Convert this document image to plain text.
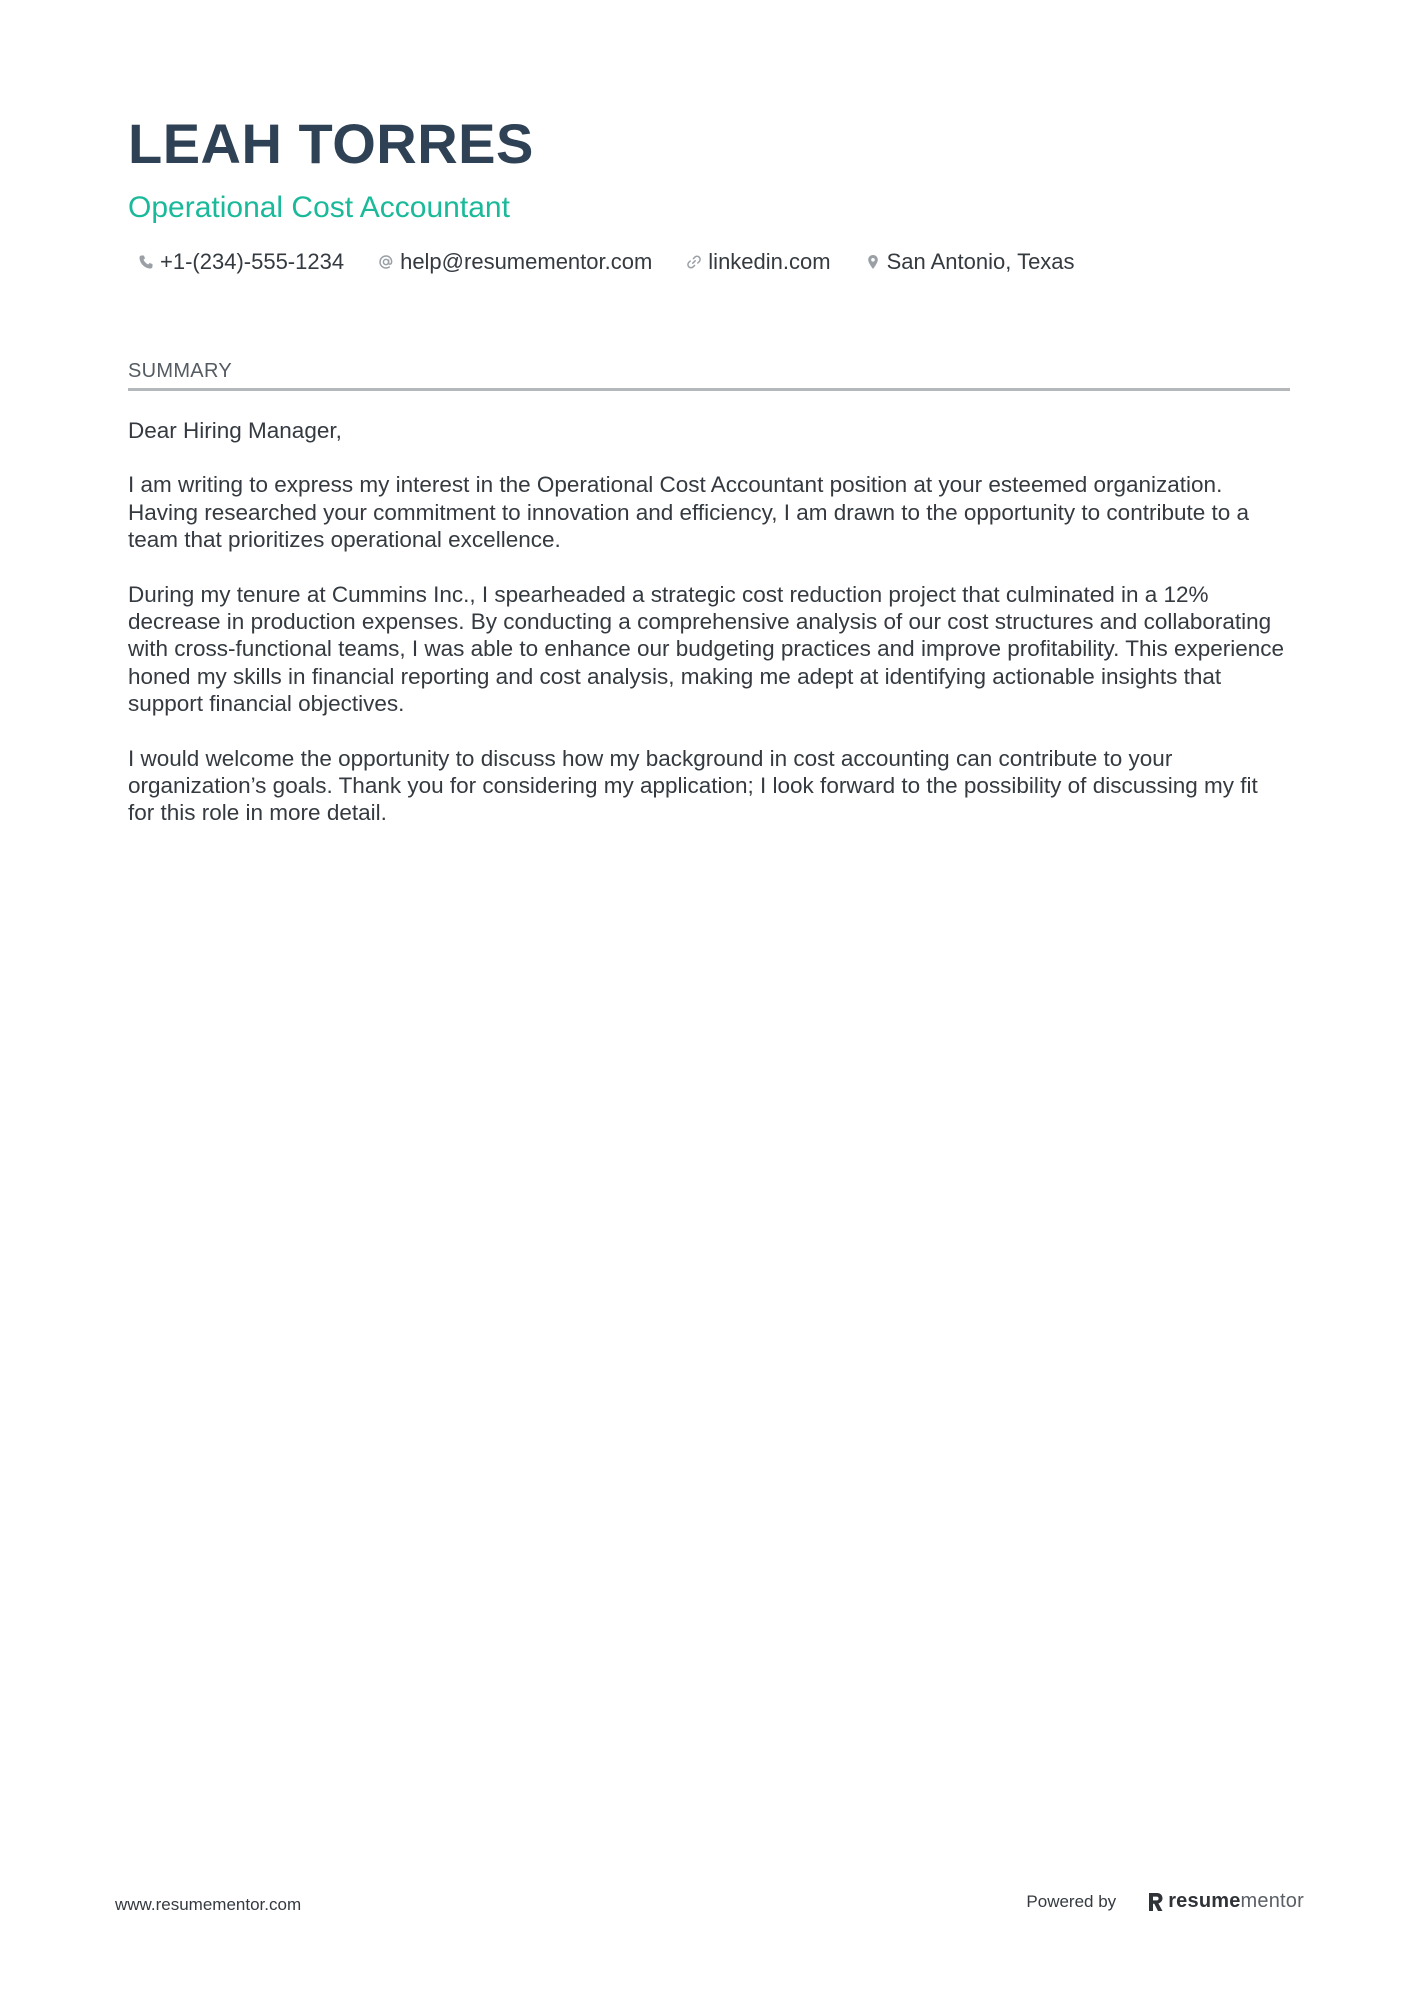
LEAH TORRES
Operational Cost Accountant
+1-(234)-555-1234	help@resumementor.com	linkedin.com	San Antonio, Texas
SUMMARY

Dear Hiring Manager,

I am writing to express my interest in the Operational Cost Accountant position at your esteemed organization. Having researched your commitment to innovation and efficiency, I am drawn to the opportunity to contribute to a team that prioritizes operational excellence.

During my tenure at Cummins Inc., I spearheaded a strategic cost reduction project that culminated in a 12% decrease in production expenses. By conducting a comprehensive analysis of our cost structures and collaborating with cross-functional teams, I was able to enhance our budgeting practices and improve profitability. This experience honed my skills in financial reporting and cost analysis, making me adept at identifying actionable insights that support financial objectives.

I would welcome the opportunity to discuss how my background in cost accounting can contribute to your organization’s goals. Thank you for considering my application; I look forward to the possibility of discussing my fit for this role in more detail.

www.resumementor.com	Powered by	resume mentor
